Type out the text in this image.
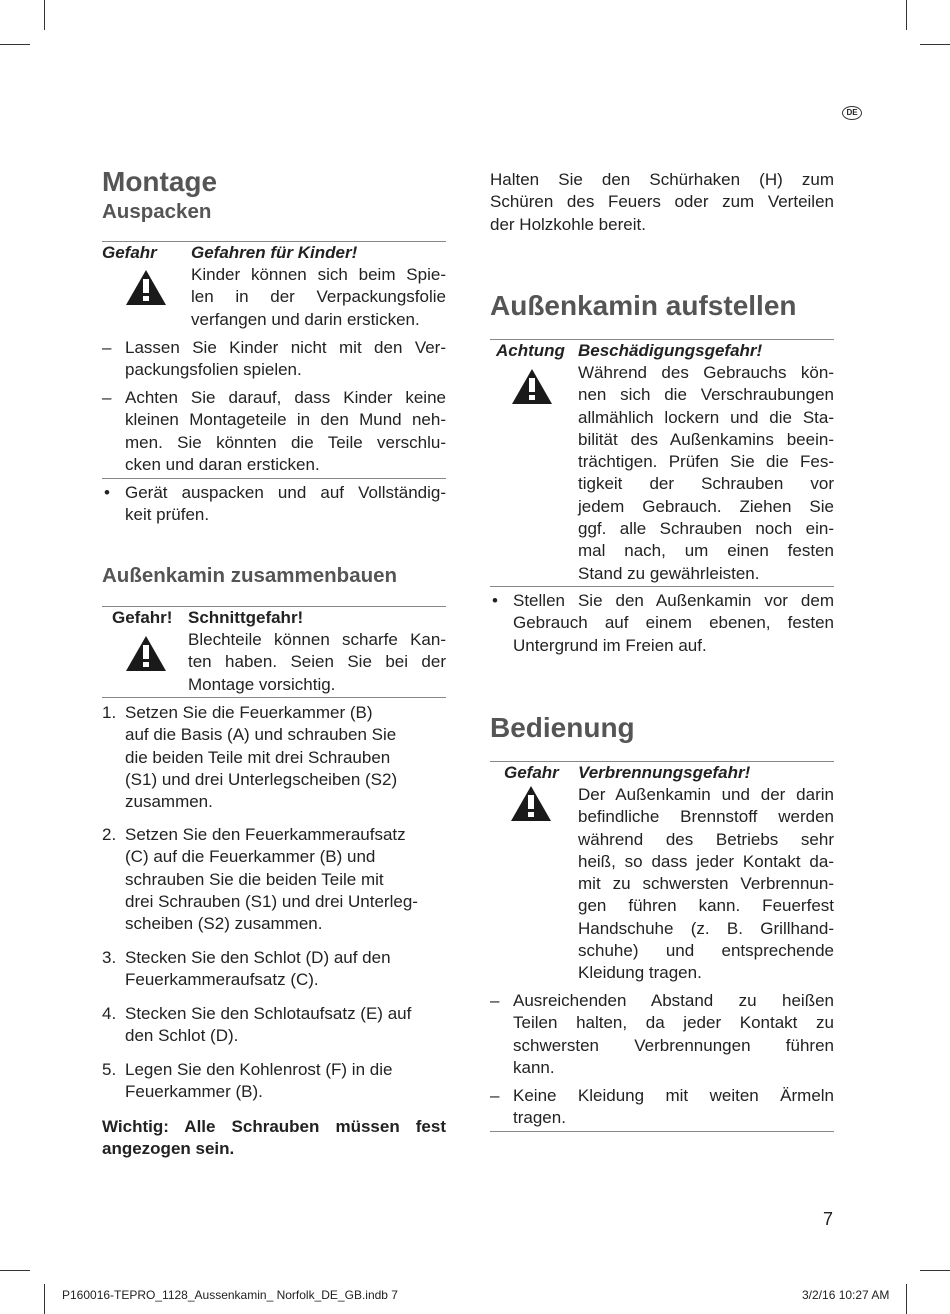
DE
Montage
Auspacken
Gefahr Gefahren für Kinder!
Kinder können sich beim Spie-
len in der Verpackungsfolie
verfangen und darin ersticken.
– Lassen Sie Kinder nicht mit den Ver-
packungsfolien spielen.
– Achten Sie darauf, dass Kinder keine
kleinen Montageteile in den Mund neh-
men. Sie könnten die Teile verschlu-
cken und daran ersticken.
• Gerät auspacken und auf Vollständig-
keit prüfen.
Außenkamin zusammenbauen
Gefahr! Schnittgefahr!
Blechteile können scharfe Kan-
ten haben. Seien Sie bei der
Montage vorsichtig.
1. Setzen Sie die Feuerkammer (B)
auf die Basis (A) und schrauben Sie
die beiden Teile mit drei Schrauben
(S1) und drei Unterlegscheiben (S2)
zusammen.
2. Setzen Sie den Feuerkammeraufsatz
(C) auf die Feuerkammer (B) und
schrauben Sie die beiden Teile mit
drei Schrauben (S1) und drei Unterleg-
scheiben (S2) zusammen.
3. Stecken Sie den Schlot (D) auf den
Feuerkammeraufsatz (C).
4. Stecken Sie den Schlotaufsatz (E) auf
den Schlot (D).
5. Legen Sie den Kohlenrost (F) in die
Feuerkammer (B).
Wichtig: Alle Schrauben müssen fest
angezogen sein.
Halten Sie den Schürhaken (H) zum
Schüren des Feuers oder zum Verteilen
der Holzkohle bereit.
Außenkamin aufstellen
Achtung Beschädigungsgefahr!
Während des Gebrauchs kön-
nen sich die Verschraubungen
allmählich lockern und die Sta-
bilität des Außenkamins beein-
trächtigen. Prüfen Sie die Fes-
tigkeit der Schrauben vor
jedem Gebrauch. Ziehen Sie
ggf. alle Schrauben noch ein-
mal nach, um einen festen
Stand zu gewährleisten.
• Stellen Sie den Außenkamin vor dem
Gebrauch auf einem ebenen, festen
Untergrund im Freien auf.
Bedienung
Gefahr Verbrennungsgefahr!
Der Außenkamin und der darin
befindliche Brennstoff werden
während des Betriebs sehr
heiß, so dass jeder Kontakt da-
mit zu schwersten Verbrennun-
gen führen kann. Feuerfest
Handschuhe (z. B. Grillhand-
schuhe) und entsprechende
Kleidung tragen.
– Ausreichenden Abstand zu heißen
Teilen halten, da jeder Kontakt zu
schwersten Verbrennungen führen
kann.
– Keine Kleidung mit weiten Ärmeln
tragen.
7
P160016-TEPRO_1128_Aussenkamin_ Norfolk_DE_GB.indb 7	3/2/16 10:27 AM
